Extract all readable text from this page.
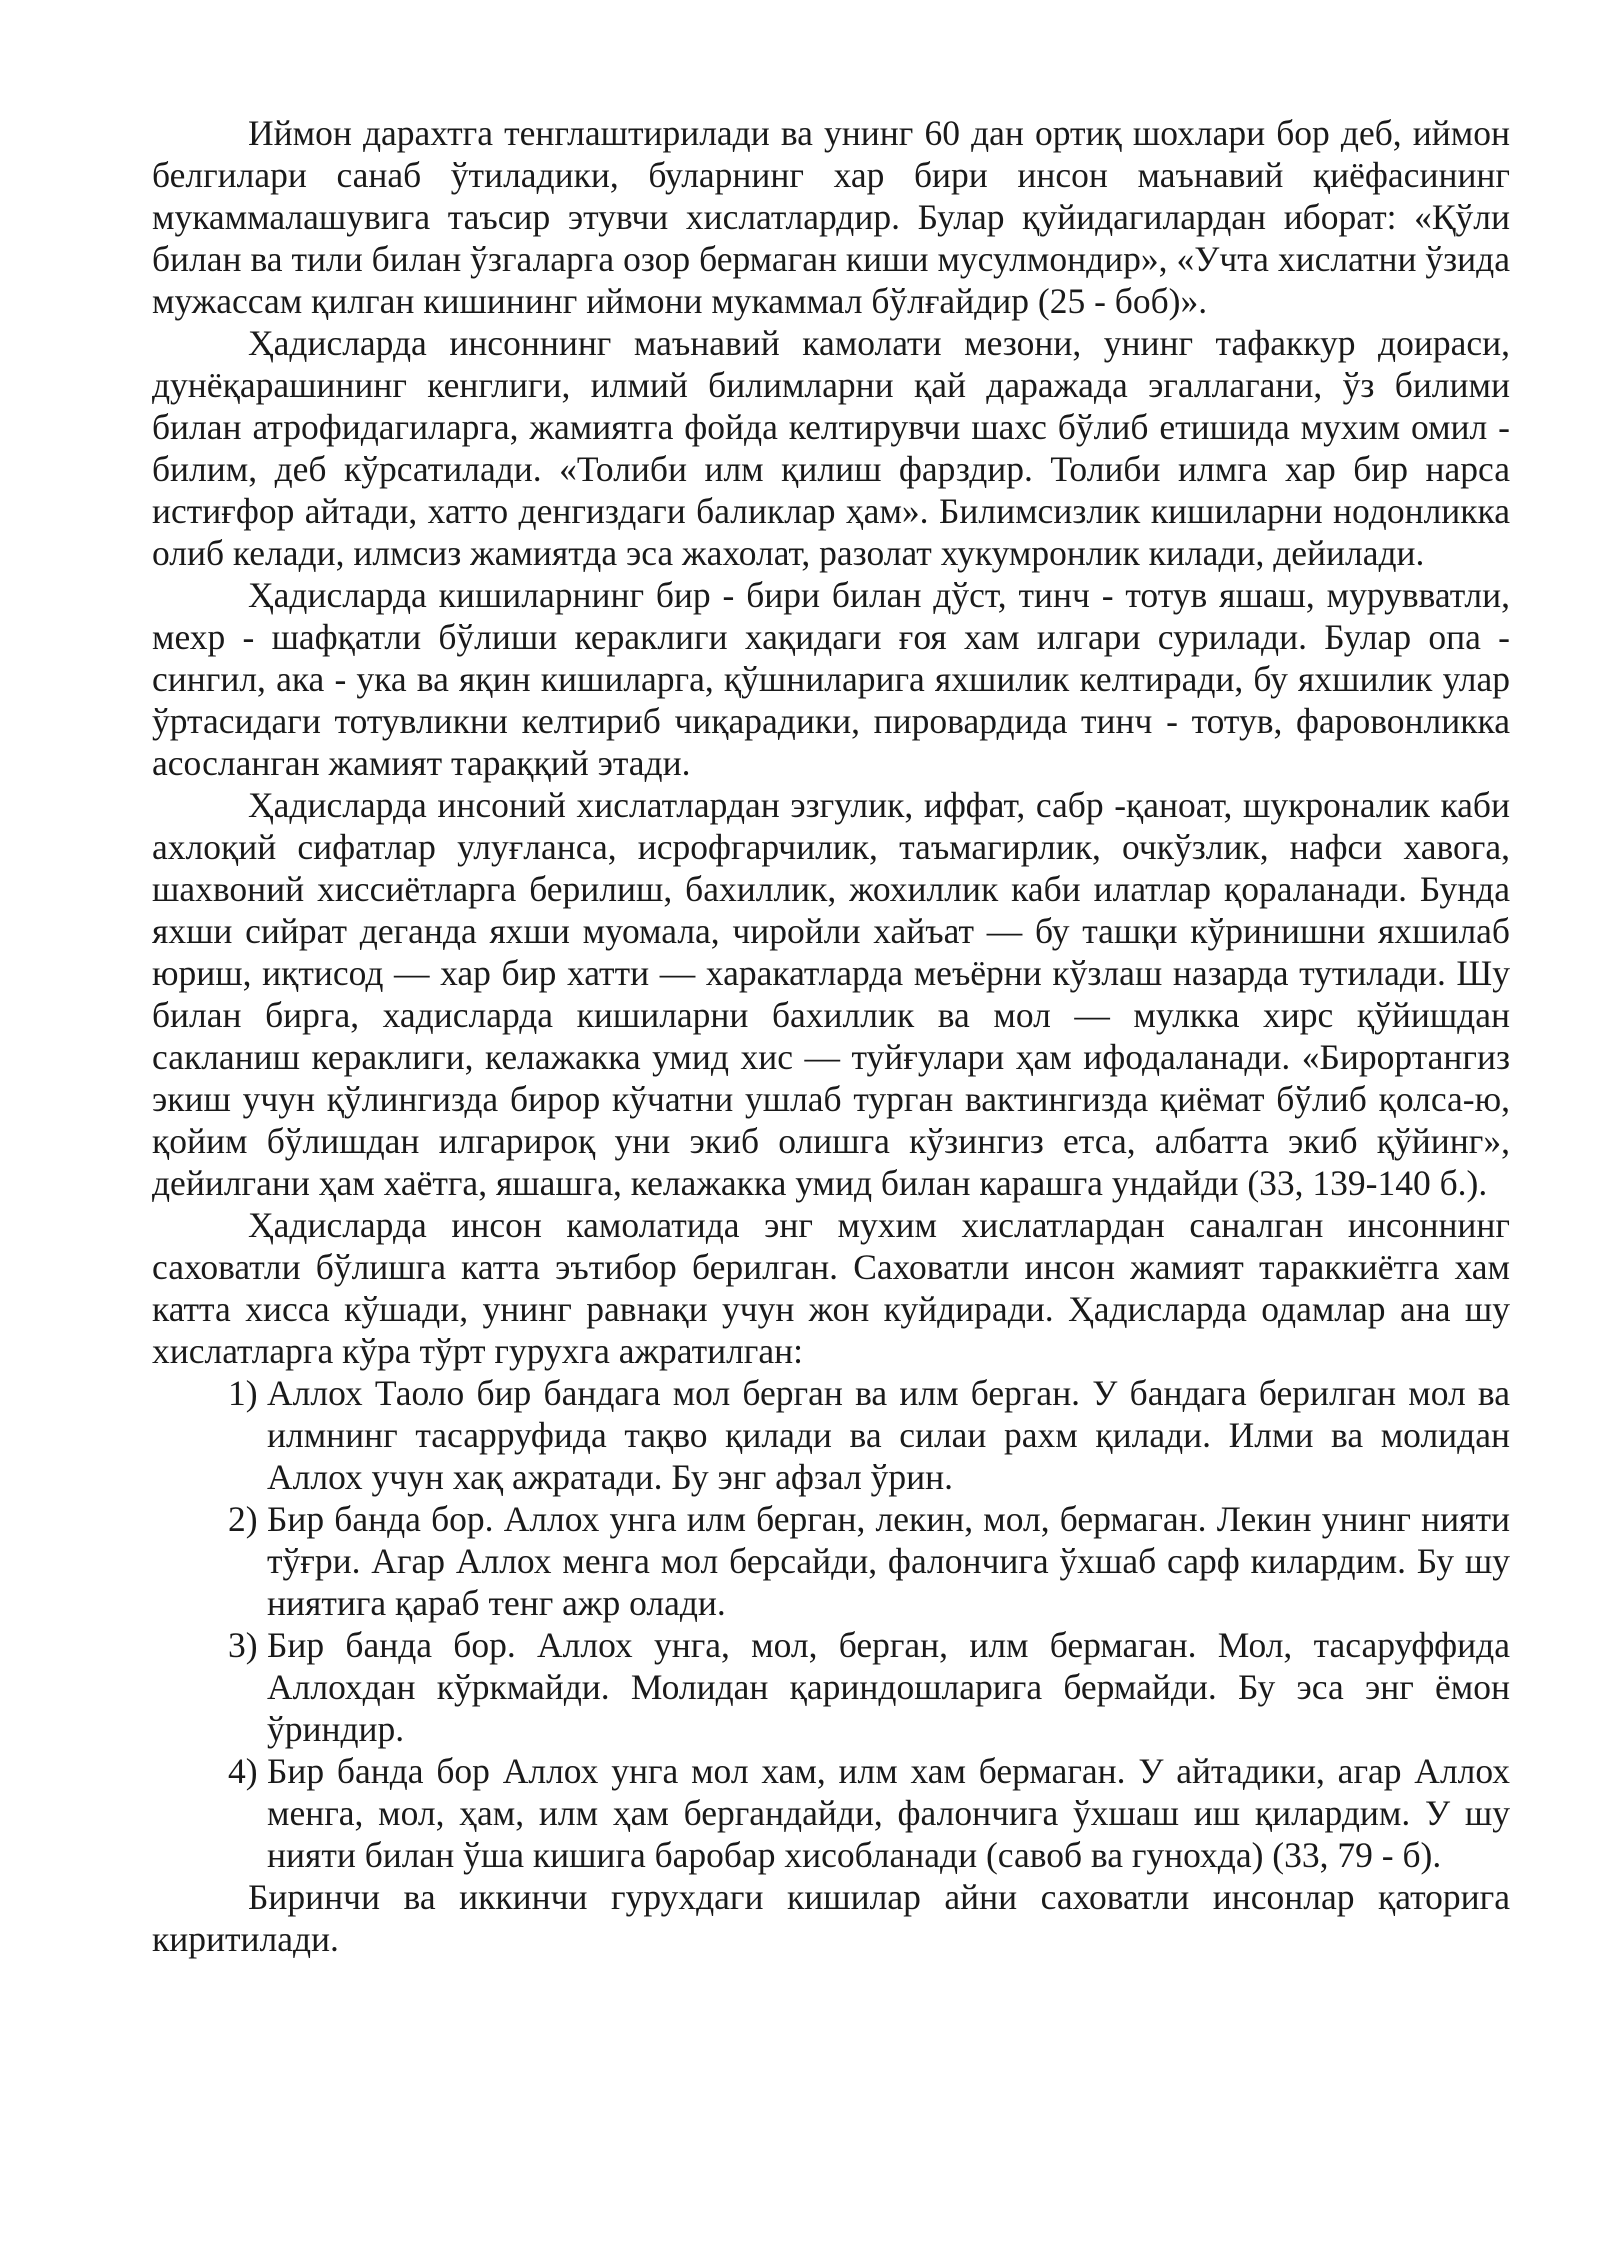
Иймон дарахтга тенглаштирилади ва унинг 60 дан ортиқ шохлари бор деб, иймон белгилари санаб ўтиладики, буларнинг хар бири инсон маънавий қиёфасининг мукаммалашувига таъсир этувчи хислатлардир. Булар қуйидагилардан иборат: «Қўли билан ва тили билан ўзгаларга озор бермаган киши мусулмондир», «Учта хислатни ўзида мужассам қилган кишининг иймони мукаммал бўлғайдир (25 - боб)».

Ҳадисларда инсоннинг маънавий камолати мезони, унинг тафаккур доираси, дунёқарашининг кенглиги, илмий билимларни қай даражада эгаллагани, ўз билими билан атрофидагиларга, жамиятга фойда келтирувчи шахс бўлиб етишида мухим омил - билим, деб кўрсатилади. «Толиби илм қилиш фарздир. Толиби илмга хар бир нарса истиғфор айтади, хатто денгиздаги баликлар ҳам». Билимсизлик кишиларни нодонликка олиб келади, илмсиз жамиятда эса жахолат, разолат хукумронлик килади, дейилади.

Ҳадисларда кишиларнинг бир - бири билан дўст, тинч - тотув яшаш, мурувватли, мехр - шафқатли бўлиши кераклиги хақидаги ғоя хам илгари сурилади. Булар опа - сингил, ака - ука ва яқин кишиларга, қўшниларига яхшилик келтиради, бу яхшилик улар ўртасидаги тотувликни келтириб чиқарадики, пировардида тинч - тотув, фаровонликка асосланган жамият тараққий этади.

Ҳадисларда инсоний хислатлардан эзгулик, иффат, сабр -қаноат, шукроналик каби ахлоқий сифатлар улуғланса, исрофгарчилик, таъмагирлик, очкўзлик, нафси хавога, шахвоний хиссиётларга берилиш, бахиллик, жохиллик каби илатлар қораланади. Бунда яхши сийрат деганда яхши муомала, чиройли хайъат — бу ташқи кўринишни яхшилаб юриш, иқтисод — хар бир хатти — харакатларда меъёрни кўзлаш назарда тутилади. Шу билан бирга, хадисларда кишиларни бахиллик ва мол — мулкка хирс қўйишдан сакланиш кераклиги, келажакка умид хис — туйғулари ҳам ифодаланади. «Бирортангиз экиш учун қўлингизда бирор кўчатни ушлаб турган вактингизда қиёмат бўлиб қолса-ю, қойим бўлишдан илгарироқ уни экиб олишга кўзингиз етса, албатта экиб қўйинг», дейилгани ҳам хаётга, яшашга, келажакка умид билан карашга ундайди (33, 139-140 б.).

Ҳадисларда инсон камолатида энг мухим хислатлардан саналган инсоннинг саховатли бўлишга катта эътибор берилган. Саховатли инсон жамият тараккиётга хам катта хисса кўшади, унинг равнақи учун жон куйдиради. Ҳадисларда одамлар ана шу хислатларга кўра тўрт гурухга ажратилган:

1) Аллох Таоло бир бандага мол берган ва илм берган. У бандага берилган мол ва илмнинг тасарруфида тақво қилади ва силаи рахм қилади. Илми ва молидан Аллох учун хақ ажратади. Бу энг афзал ўрин.
2) Бир банда бор. Аллох унга илм берган, лекин, мол, бермаган. Лекин унинг нияти тўғри. Агар Аллох менга мол берсайди, фалончига ўхшаб сарф килардим. Бу шу ниятига қараб тенг ажр олади.
3) Бир банда бор. Аллох унга, мол, берган, илм бермаган. Мол, тасаруффида Аллохдан кўркмайди. Молидан қариндошларига бермайди. Бу эса энг ёмон ўриндир.
4) Бир банда бор Аллох унга мол хам, илм хам бермаган. У айтадики, агар Аллох менга, мол, ҳам, илм ҳам бергандайди, фалончига ўхшаш иш қилардим. У шу нияти билан ўша кишига баробар хисобланади (савоб ва гунохда) (33, 79 - б).

Биринчи ва иккинчи гурухдаги кишилар айни саховатли инсонлар қаторига киритилади.
